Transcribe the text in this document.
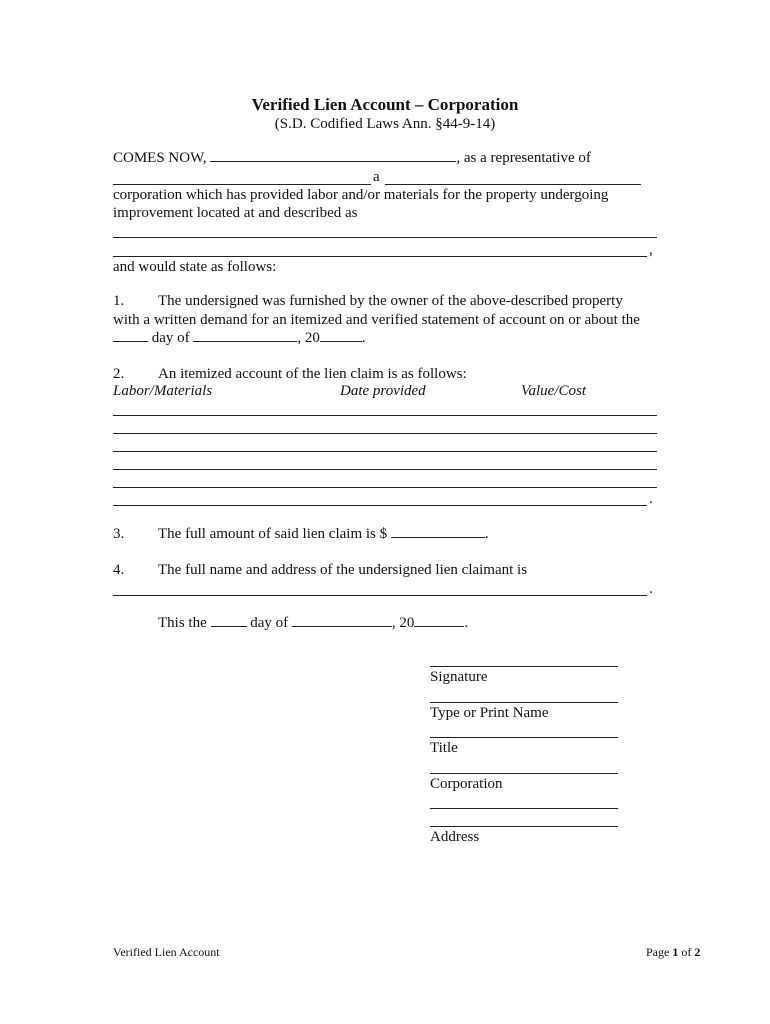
Verified Lien Account – Corporation
(S.D. Codified Laws Ann. §44-9-14)
COMES NOW,	, as a representative of
a
corporation which has provided labor and/or materials for the property undergoing
improvement located at and described as
,
and would state as follows:
1. The undersigned was furnished by the owner of the above-described property
with a written demand for an itemized and verified statement of account on or about the
day of	, 20	.
2. An itemized account of the lien claim is as follows:
Labor/Materials	Date provided	Value/Cost
.
3. The full amount of said lien claim is $	.
4. The full name and address of the undersigned lien claimant is
.
This the	day of	, 20	.
Signature
Type or Print Name
Title
Corporation
Address
Verified Lien Account	Page 1 of 2
